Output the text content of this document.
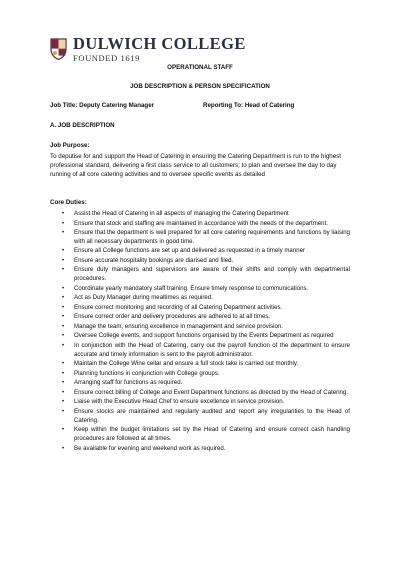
DULWICH COLLEGE
FOUNDED 1619
OPERATIONAL STAFF
JOB DESCRIPTION & PERSON SPECIFICATION
Job Title: Deputy Catering Manager	Reporting To: Head of Catering
A. JOB DESCRIPTION
Job Purpose:
To deputise for and support the Head of Catering in ensuring the Catering Department is run to the highest professional standard, delivering a first class service to all customers; to plan and oversee the day to day running of all core catering activities and to oversee specific events as detailed
Core Duties:
• Assist the Head of Catering in all aspects of managing the Catering Department
• Ensure that stock and staffing are maintained in accordance with the needs of the department.
• Ensure that the department is well prepared for all core catering requirements and functions by liaising with all necessary departments in good time.
• Ensure all College functions are set up and delivered as requested in a timely manner
• Ensure accurate hospitality bookings are diarised and filed.
• Ensure duty managers and supervisors are aware of their shifts and comply with departmental procedures.
• Coordinate yearly mandatory staff training. Ensure timely response to communications.
• Act as Duty Manager during mealtimes as required.
• Ensure correct monitoring and recording of all Catering Department activities.
• Ensure correct order and delivery procedures are adhered to at all times.
• Manage the team, ensuring excellence in management and service provision.
• Oversee College events, and support functions organised by the Events Department as required
• In conjunction with the Head of Catering, carry out the payroll function of the department to ensure accurate and timely information is sent to the payroll administrator.
• Maintain the College Wine cellar and ensure a full stock take is carried out monthly.
• Planning functions in conjunction with College groups.
• Arranging staff for functions as required.
• Ensure correct billing of College and Event Department functions as directed by the Head of Catering.
• Liaise with the Executive Head Chef to ensure excellence in service provision.
• Ensure stocks are maintained and regularly audited and report any irregularities to the Head of Catering.
• Keep within the budget limitations set by the Head of Catering and ensure correct cash handling procedures are followed at all times.
• Be available for evening and weekend work as required.
